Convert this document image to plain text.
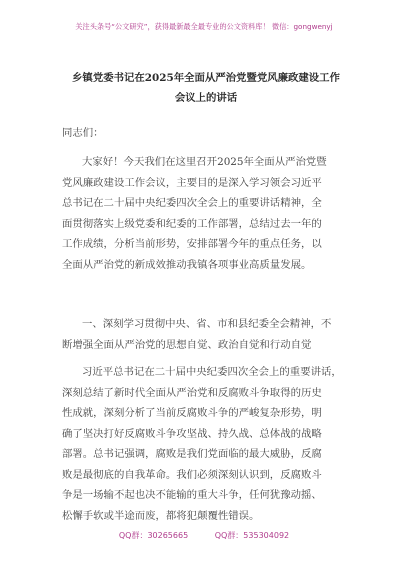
关注头条号“公文研究”，获得最新最全最专业的公文资料库！ 微信：gongwenyj
乡镇党委书记在2025年全面从严治党暨党风廉政建设工作
会议上的讲话
同志们：
大家好！今天我们在这里召开2025年全面从严治党暨
党风廉政建设工作会议，主要目的是深入学习领会习近平
总书记在二十届中央纪委四次全会上的重要讲话精神，全
面贯彻落实上级党委和纪委的工作部署，总结过去一年的
工作成绩，分析当前形势，安排部署今年的重点任务，以
全面从严治党的新成效推动我镇各项事业高质量发展。
一、深刻学习贯彻中央、省、市和县纪委全会精神，不
断增强全面从严治党的思想自觉、政治自觉和行动自觉
习近平总书记在二十届中央纪委四次全会上的重要讲话，
深刻总结了新时代全面从严治党和反腐败斗争取得的历史
性成就，深刻分析了当前反腐败斗争的严峻复杂形势，明
确了坚决打好反腐败斗争攻坚战、持久战、总体战的战略
部署。总书记强调，腐败是我们党面临的最大威胁，反腐
败是最彻底的自我革命。我们必须深刻认识到，反腐败斗
争是一场输不起也决不能输的重大斗争，任何犹豫动摇、
松懈手软或半途而废，都将犯颠覆性错误。
QQ群：30265665	QQ群：535304092
